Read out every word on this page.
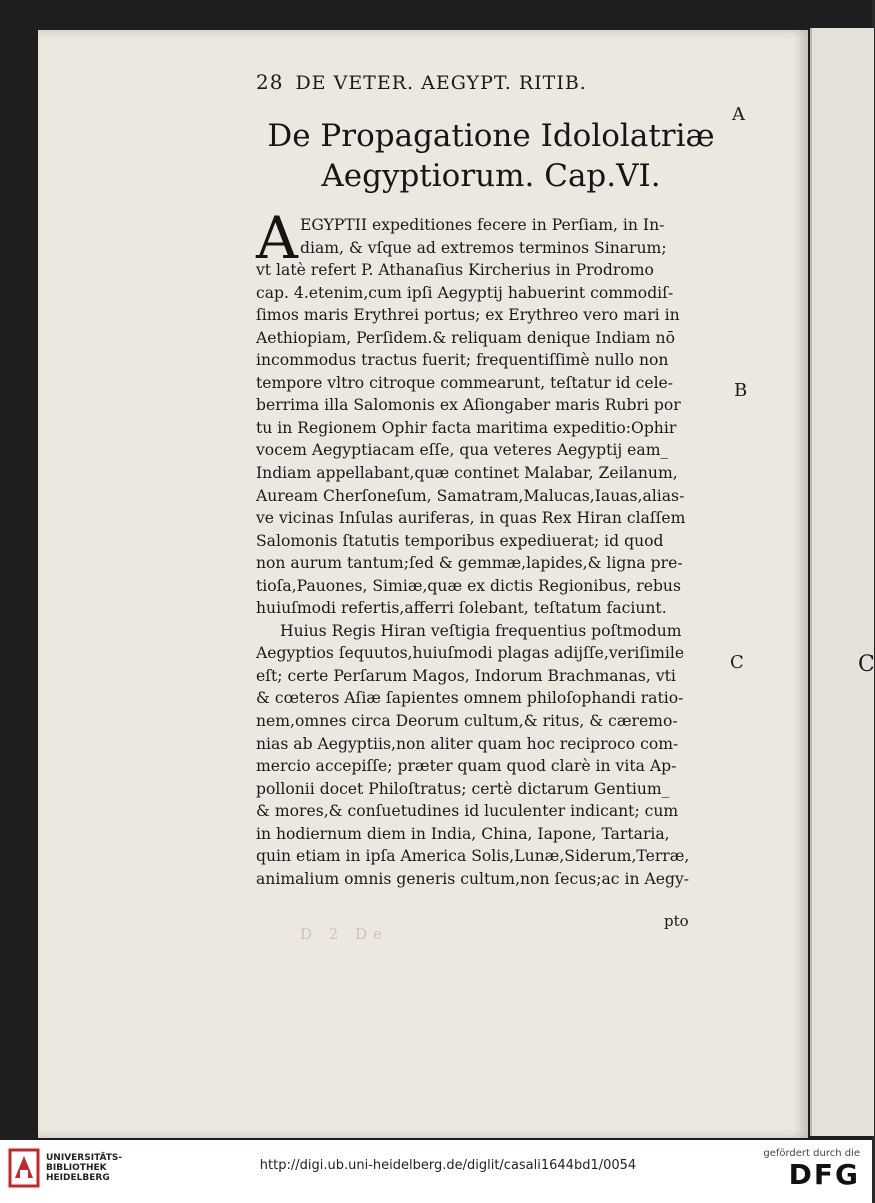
C
28 DE VETER. AEGYPT. RITIB.
A
B
C
De Propagatione Idololatriæ
Aegyptiorum. Cap.VI.
A EGYPTII expeditiones fecere in Perſiam, in In-
diam, & vſque ad extremos terminos Sinarum;
vt latè refert P. Athanaſius Kircherius in Prodromo
cap. 4.etenim,cum ipſi Aegyptij habuerint commodiſ-
ſimos maris Erythrei portus; ex Erythreo vero mari in
Aethiopiam, Perſidem.& reliquam denique Indiam nō
incommodus tractus fuerit; frequentiſſimè nullo non
tempore vltro citroque commearunt, teſtatur id cele-
berrima illa Salomonis ex Aſiongaber maris Rubri por
tu in Regionem Ophir facta maritima expeditio:Ophir
vocem Aegyptiacam eſſe, qua veteres Aegyptij eam_
Indiam appellabant,quæ continet Malabar, Zeilanum,
Auream Cherſoneſum, Samatram,Malucas,Iauas,alias-
ve vicinas Inſulas auriferas, in quas Rex Hiran claſſem
Salomonis ſtatutis temporibus expediuerat; id quod
non aurum tantum;ſed & gemmæ,lapides,& ligna pre-
tioſa,Pauones, Simiæ,quæ ex dictis Regionibus, rebus
huiuſmodi refertis,afferri ſolebant, teſtatum faciunt.
Huius Regis Hiran veſtigia frequentius poſtmodum
Aegyptios ſequutos,huiuſmodi plagas adijſſe,veriſimile
eſt; certe Perſarum Magos, Indorum Brachmanas, vti
& cœteros Aſiæ ſapientes omnem philoſophandi ratio-
nem,omnes circa Deorum cultum,& ritus, & cæremo-
nias ab Aegyptiis,non aliter quam hoc reciproco com-
mercio accepiſſe; præter quam quod clarè in vita Ap-
pollonii docet Philoſtratus; certè dictarum Gentium_
& mores,& conſuetudines id luculenter indicant; cum
in hodiernum diem in India, China, Iapone, Tartaria,
quin etiam in ipſa America Solis,Lunæ,Siderum,Terræ,
animalium omnis generis cultum,non ſecus;ac in Aegy-
pto
D 2 De
UNIVERSITÄTS-
BIBLIOTHEK
HEIDELBERG
http://digi.ub.uni-heidelberg.de/diglit/casali1644bd1/0054
gefördert durch die
DFG
